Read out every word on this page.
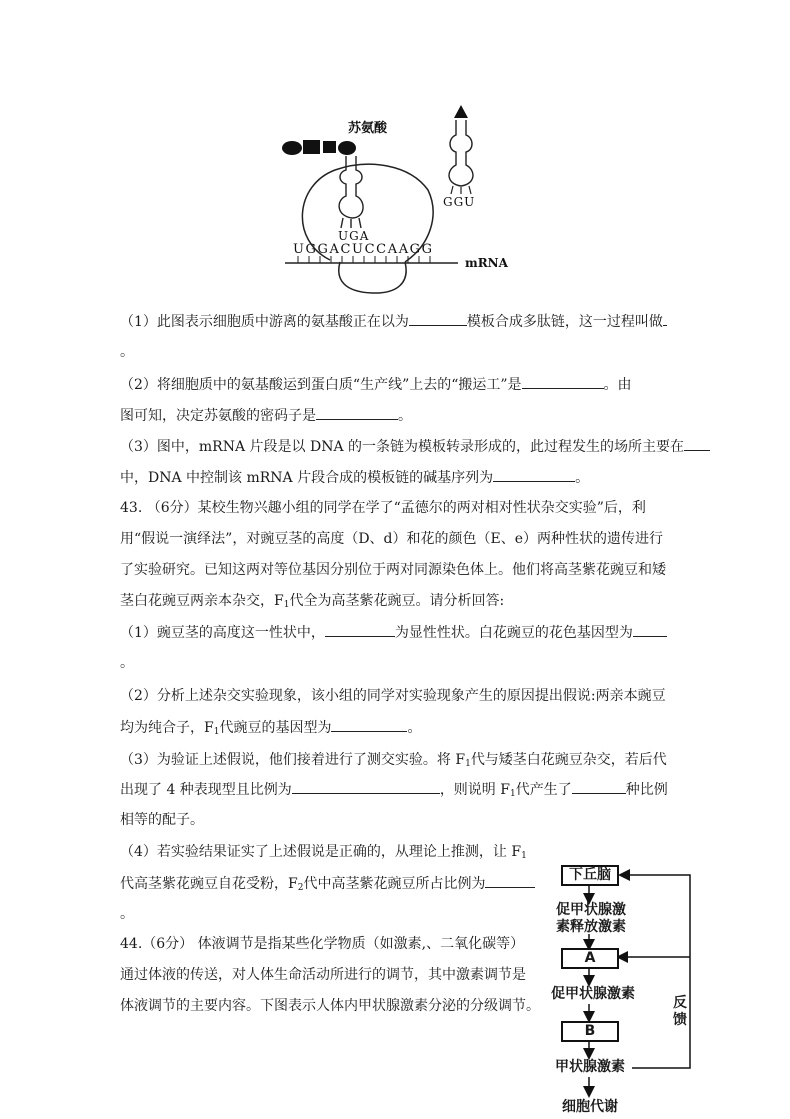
苏氨酸
UGA
GGU
UGGACUCCAAGG
mRNA
（1）此图表示细胞质中游离的氨基酸正在以为	模板合成多肽链，这一过程叫做
。
（2）将细胞质中的氨基酸运到蛋白质“生产线”上去的“搬运工”是	。由
图可知，决定苏氨酸的密码子是	。
（3）图中，mRNA 片段是以 DNA 的一条链为模板转录形成的，此过程发生的场所主要在
中，DNA 中控制该 mRNA 片段合成的模板链的碱基序列为	。
43. （6分）某校生物兴趣小组的同学在学了“孟德尔的两对相对性状杂交实验”后，利
用“假说一演绎法”，对豌豆茎的高度（D、d）和花的颜色（E、e）两种性状的遗传进行
了实验研究。已知这两对等位基因分别位于两对同源染色体上。他们将高茎紫花豌豆和矮
茎白花豌豆两亲本杂交，$F_1$代全为高茎紫花豌豆。请分析回答:
（1）豌豆茎的高度这一性状中，	为显性性状。白花豌豆的花色基因型为
。
（2）分析上述杂交实验现象，该小组的同学对实验现象产生的原因提出假说:两亲本豌豆
均为纯合子，$F_1$代豌豆的基因型为	。
（3）为验证上述假说，他们接着进行了测交实验。将 $F_1$代与矮茎白花豌豆杂交，若后代
出现了 4 种表现型且比例为	，则说明 $F_1$代产生了	种比例
相等的配子。
（4）若实验结果证实了上述假说是正确的，从理论上推测，让 $F_1$
代高茎紫花豌豆自花受粉，$F_2$代中高茎紫花豌豆所占比例为
。
44.（6分） 体液调节是指某些化学物质（如激素,、二氧化碳等）
通过体液的传送，对人体生命活动所进行的调节，其中激素调节是
体液调节的主要内容。下图表示人体内甲状腺激素分泌的分级调节。
下丘脑
促甲状腺激
素释放激素
A
促甲状腺激素
B
甲状腺激素
细胞代谢
反
馈
